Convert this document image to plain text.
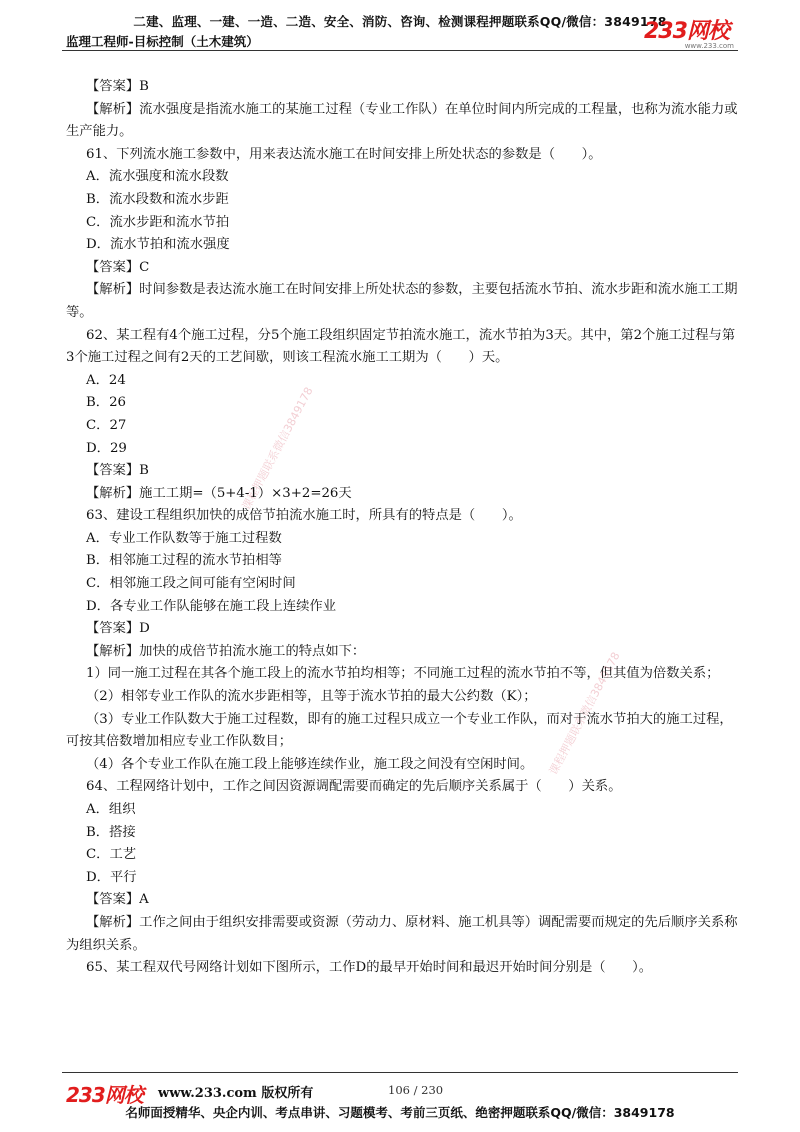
二建、监理、一建、一造、二造、安全、消防、咨询、检测课程押题联系QQ/微信：3849178
监理工程师-目标控制（土木建筑）	233网校
www.233.com
课程押题联系微信3849178
课程押题联系微信3849178

【答案】B

【解析】流水强度是指流水施工的某施工过程（专业工作队）在单位时间内所完成的工程量，也称为流水能力或生产能力。

61、下列流水施工参数中，用来表达流水施工在时间安排上所处状态的参数是（　　）。

A．流水强度和流水段数

B．流水段数和流水步距

C．流水步距和流水节拍

D．流水节拍和流水强度

【答案】C

【解析】时间参数是表达流水施工在时间安排上所处状态的参数，主要包括流水节拍、流水步距和流水施工工期等。

62、某工程有4个施工过程，分5个施工段组织固定节拍流水施工，流水节拍为3天。其中，第2个施工过程与第3个施工过程之间有2天的工艺间歇，则该工程流水施工工期为（　　）天。

A．24

B．26

C．27

D．29

【答案】B

【解析】施工工期=（5+4-1）×3+2=26天

63、建设工程组织加快的成倍节拍流水施工时，所具有的特点是（　　）。

A．专业工作队数等于施工过程数

B．相邻施工过程的流水节拍相等

C．相邻施工段之间可能有空闲时间

D．各专业工作队能够在施工段上连续作业

【答案】D

【解析】加快的成倍节拍流水施工的特点如下：

1）同一施工过程在其各个施工段上的流水节拍均相等；不同施工过程的流水节拍不等，但其值为倍数关系；

（2）相邻专业工作队的流水步距相等，且等于流水节拍的最大公约数（K）；

（3）专业工作队数大于施工过程数，即有的施工过程只成立一个专业工作队，而对于流水节拍大的施工过程，可按其倍数增加相应专业工作队数目；

（4）各个专业工作队在施工段上能够连续作业，施工段之间没有空闲时间。

64、工程网络计划中，工作之间因资源调配需要而确定的先后顺序关系属于（　　）关系。

A．组织

B．搭接

C．工艺

D．平行

【答案】A

【解析】工作之间由于组织安排需要或资源（劳动力、原材料、施工机具等）调配需要而规定的先后顺序关系称为组织关系。

65、某工程双代号网络计划如下图所示，工作D的最早开始时间和最迟开始时间分别是（　　）。

233网校 www.233.com 版权所有	106 / 230
名师面授精华、央企内训、考点串讲、习题模考、考前三页纸、绝密押题联系QQ/微信：3849178
